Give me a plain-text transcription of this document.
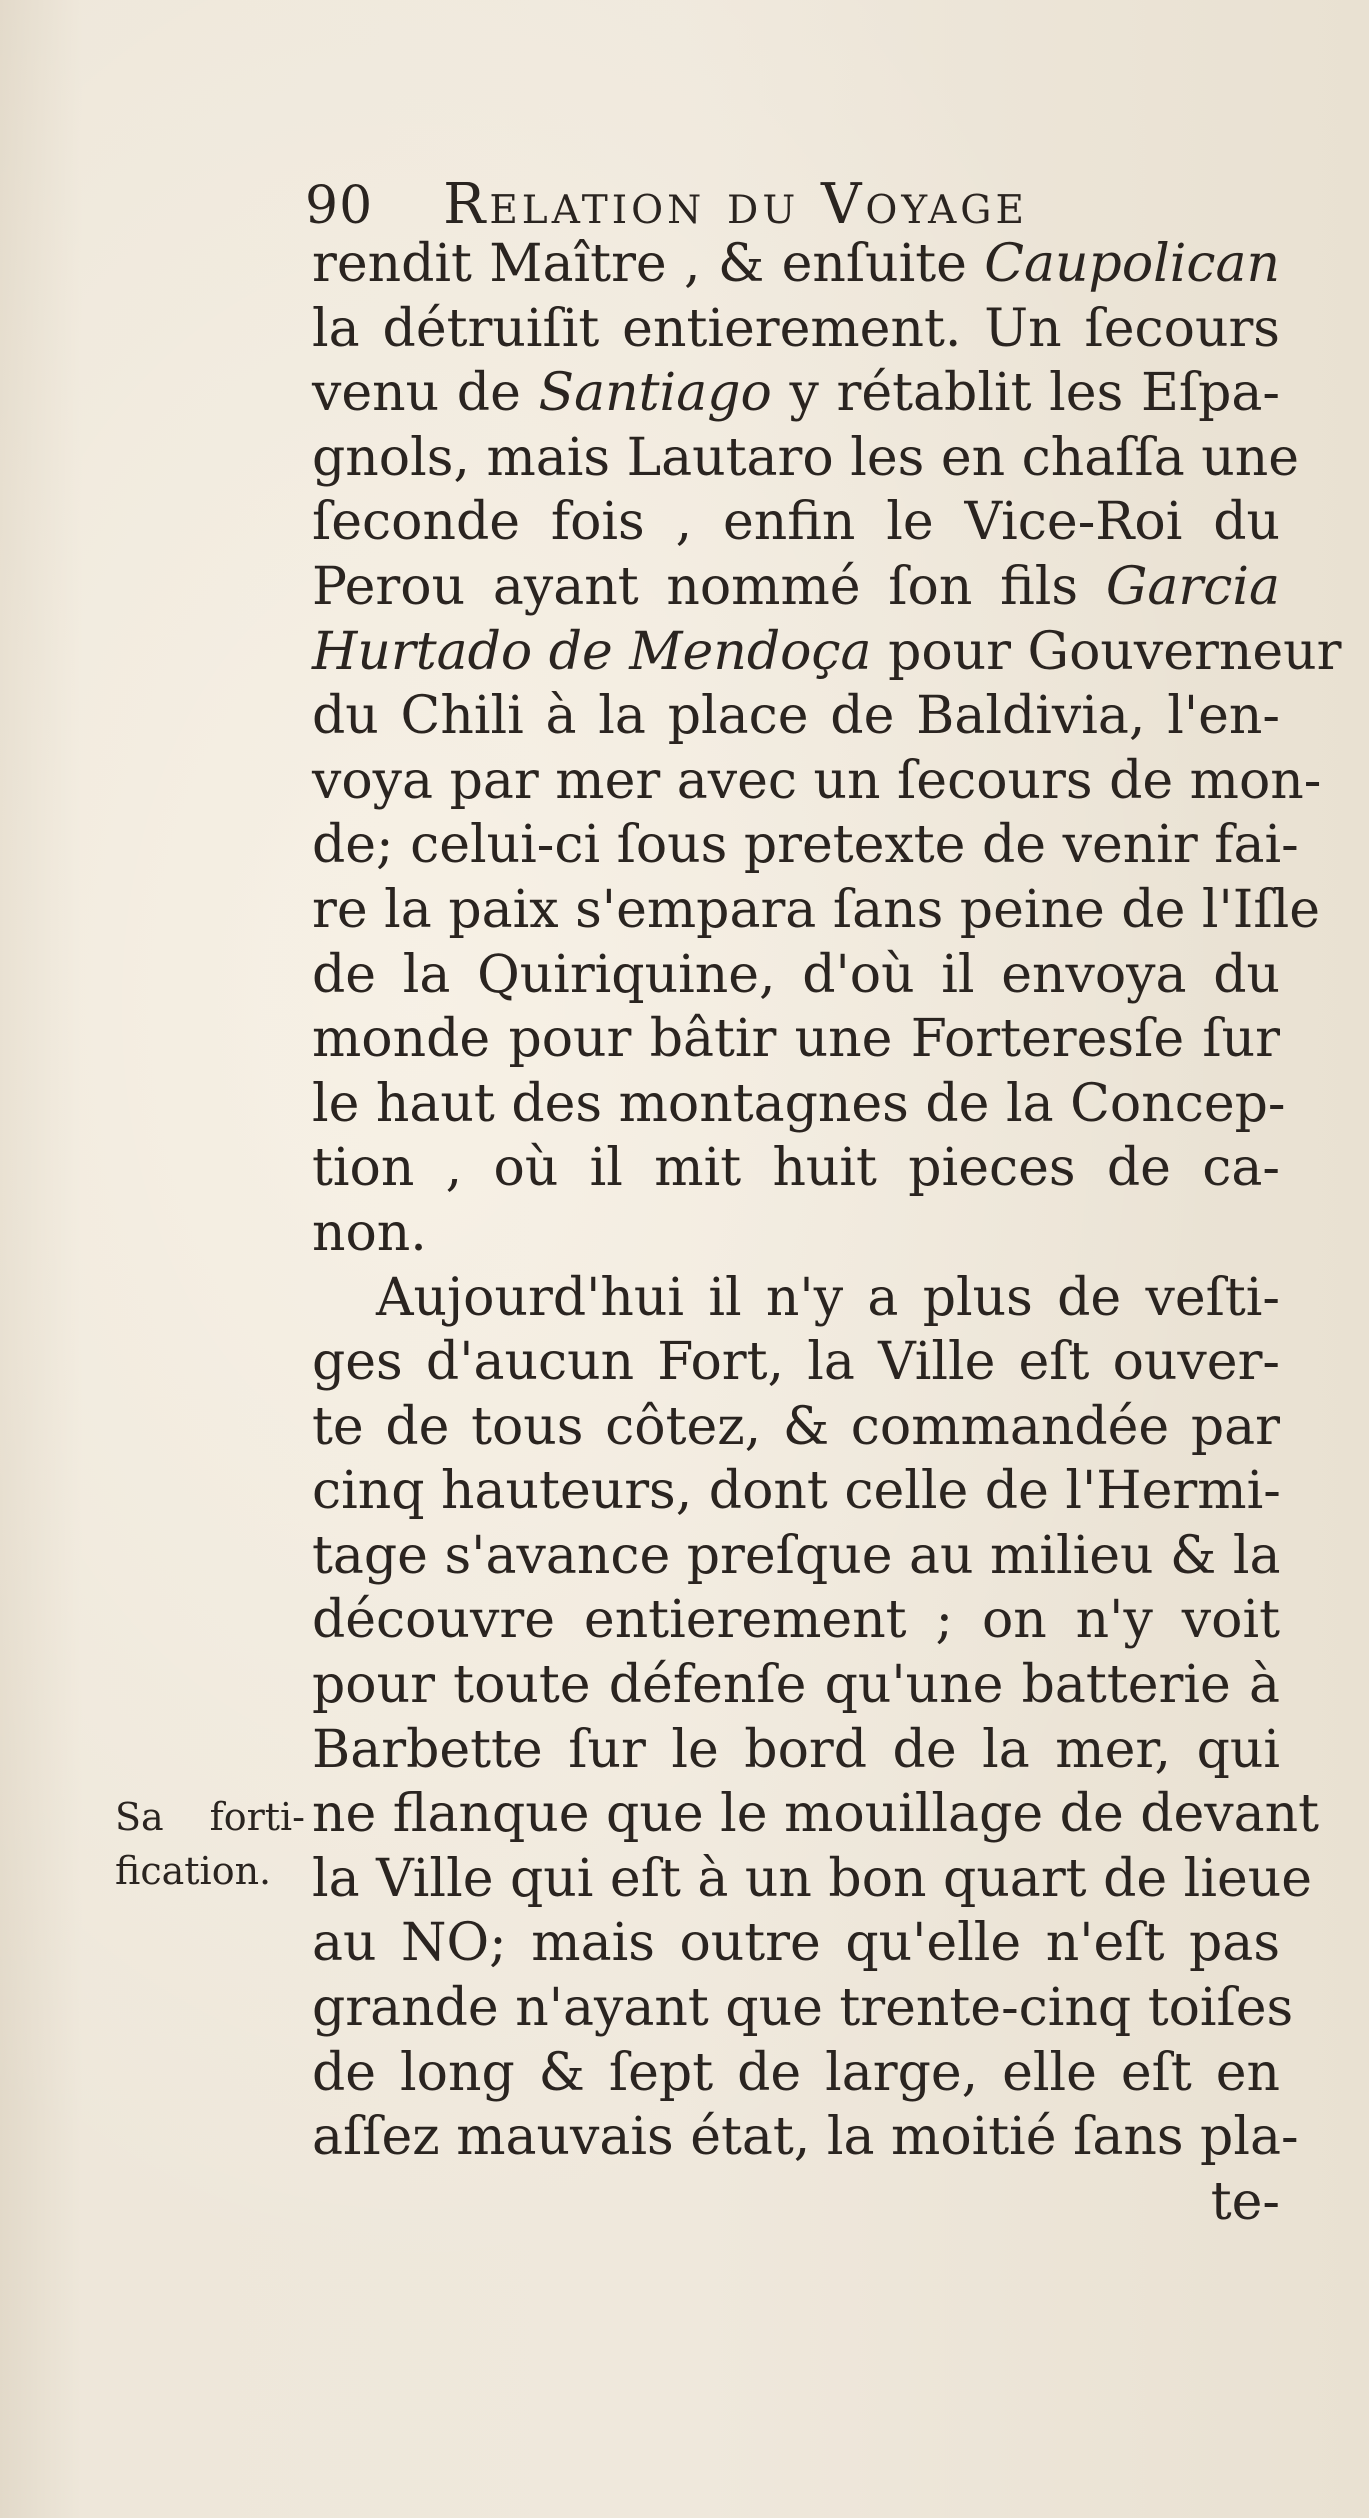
90 Relation du Voyage
Sa forti-
fication.
rendit Maître , & enſuite Caupolican
la détruiſit entierement. Un ſecours
venu de Santiago y rétablit les Eſpa-
gnols, mais Lautaro les en chaſſa une
ſeconde fois , enfin le Vice-Roi du
Perou ayant nommé ſon fils Garcia
Hurtado de Mendoça pour Gouverneur
du Chili à la place de Baldivia, l'en-
voya par mer avec un ſecours de mon-
de; celui-ci ſous pretexte de venir fai-
re la paix s'empara ſans peine de l'Iſle
de la Quiriquine, d'où il envoya du
monde pour bâtir une Forteresſe ſur
le haut des montagnes de la Concep-
tion , où il mit huit pieces de ca-
non.
Aujourd'hui il n'y a plus de veſti-
ges d'aucun Fort, la Ville eſt ouver-
te de tous côtez, & commandée par
cinq hauteurs, dont celle de l'Hermi-
tage s'avance preſque au milieu & la
découvre entierement ; on n'y voit
pour toute défenſe qu'une batterie à
Barbette ſur le bord de la mer, qui
ne flanque que le mouillage de devant
la Ville qui eſt à un bon quart de lieue
au NO; mais outre qu'elle n'eſt pas
grande n'ayant que trente-cinq toiſes
de long & ſept de large, elle eſt en
aſſez mauvais état, la moitié ſans pla-
te-
